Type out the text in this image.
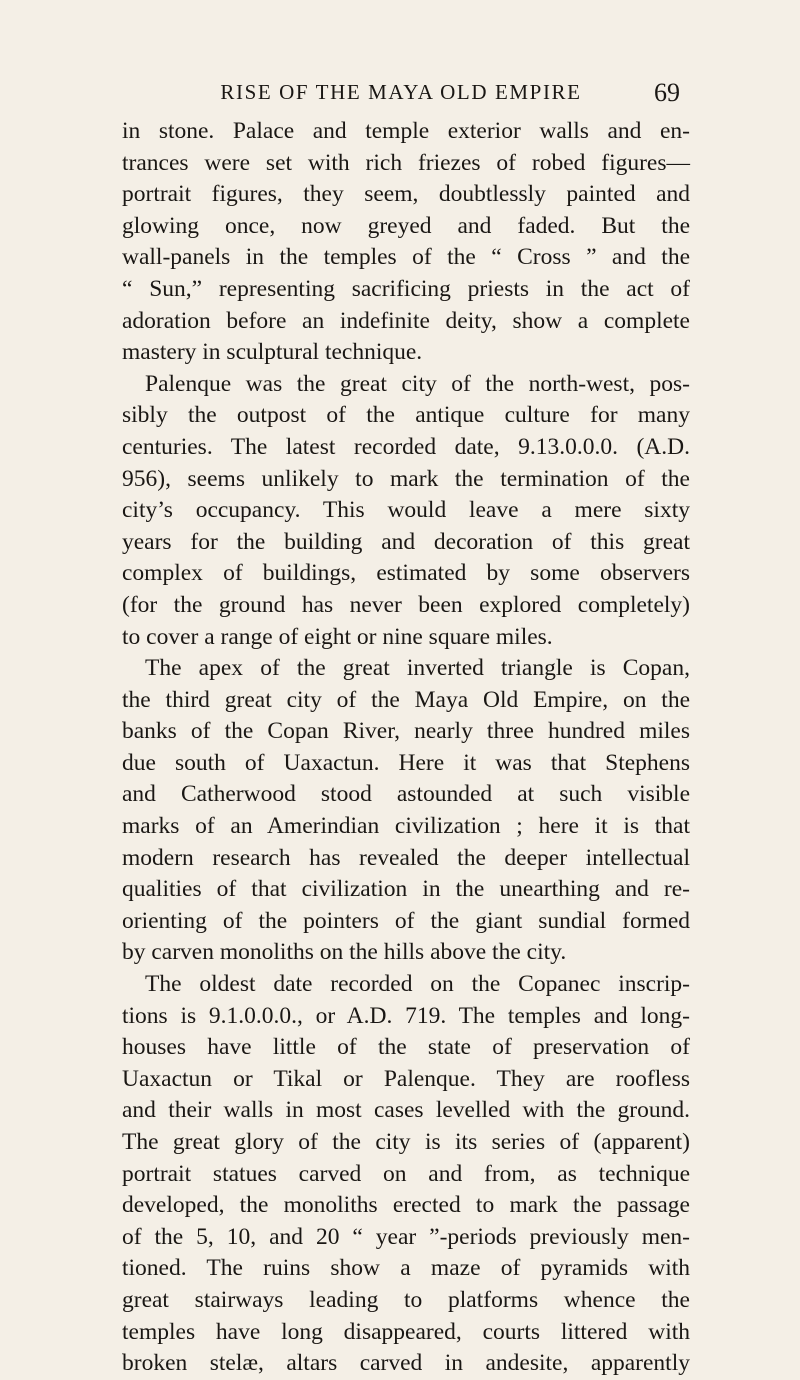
RISE OF THE MAYA OLD EMPIRE	69
in stone. Palace and temple exterior walls and en-
trances were set with rich friezes of robed figures—
portrait figures, they seem, doubtlessly painted and
glowing once, now greyed and faded. But the
wall-panels in the temples of the “ Cross ” and the
“ Sun,” representing sacrificing priests in the act of
adoration before an indefinite deity, show a complete
mastery in sculptural technique.
Palenque was the great city of the north-west, pos-
sibly the outpost of the antique culture for many
centuries. The latest recorded date, 9.13.0.0.0. (A.D.
956), seems unlikely to mark the termination of the
city’s occupancy. This would leave a mere sixty
years for the building and decoration of this great
complex of buildings, estimated by some observers
(for the ground has never been explored completely)
to cover a range of eight or nine square miles.
The apex of the great inverted triangle is Copan,
the third great city of the Maya Old Empire, on the
banks of the Copan River, nearly three hundred miles
due south of Uaxactun. Here it was that Stephens
and Catherwood stood astounded at such visible
marks of an Amerindian civilization ; here it is that
modern research has revealed the deeper intellectual
qualities of that civilization in the unearthing and re-
orienting of the pointers of the giant sundial formed
by carven monoliths on the hills above the city.
The oldest date recorded on the Copanec inscrip-
tions is 9.1.0.0.0., or A.D. 719. The temples and long-
houses have little of the state of preservation of
Uaxactun or Tikal or Palenque. They are roofless
and their walls in most cases levelled with the ground.
The great glory of the city is its series of (apparent)
portrait statues carved on and from, as technique
developed, the monoliths erected to mark the passage
of the 5, 10, and 20 “ year ”-periods previously men-
tioned. The ruins show a maze of pyramids with
great stairways leading to platforms whence the
temples have long disappeared, courts littered with
broken stelæ, altars carved in andesite, apparently
